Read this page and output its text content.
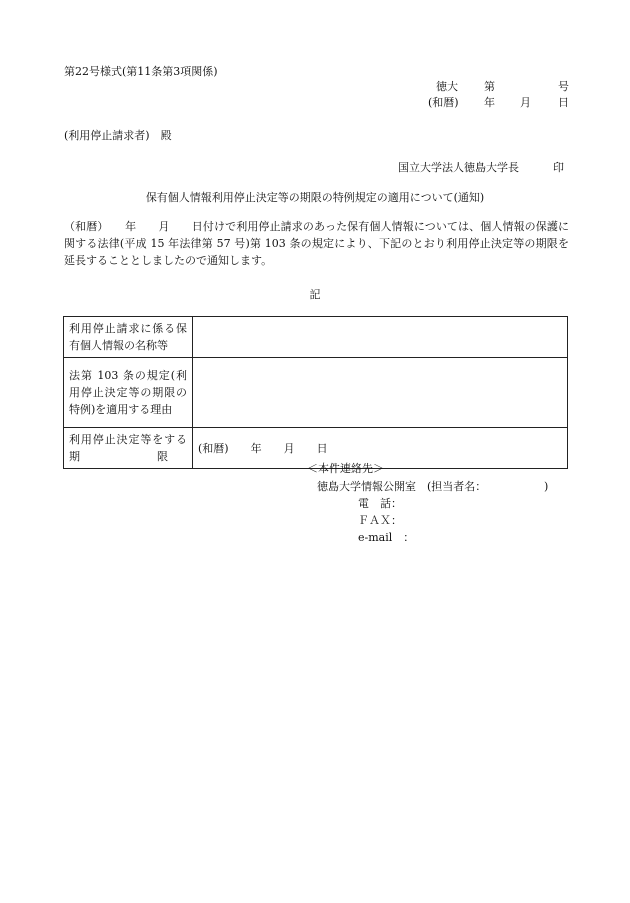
第22号様式(第11条第3項関係)
徳大 第	号
(和暦) 年 月 日
(利用停止請求者)　殿
国立大学法人徳島大学長	印
保有個人情報利用停止決定等の期限の特例規定の適用について(通知)
（和暦）　　年　　月　　日付けで利用停止請求のあった保有個人情報については、個人情報の保護に関する法律(平成 15 年法律第 57 号)第 103 条の規定により、下記のとおり利用停止決定等の期限を延長することとしましたので通知します。
記
利用停止請求に係る保有個人情報の名称等	
法第 103 条の規定(利用停止決定等の期限の特例)を適用する理由	
利用停止決定等をする期　　　　　　　限	(和暦)　　年　　月　　日
＜本件連絡先＞
徳島大学情報公開室　(担当者名：	)
電　話：
ＦＡＸ：
e-mail　：
